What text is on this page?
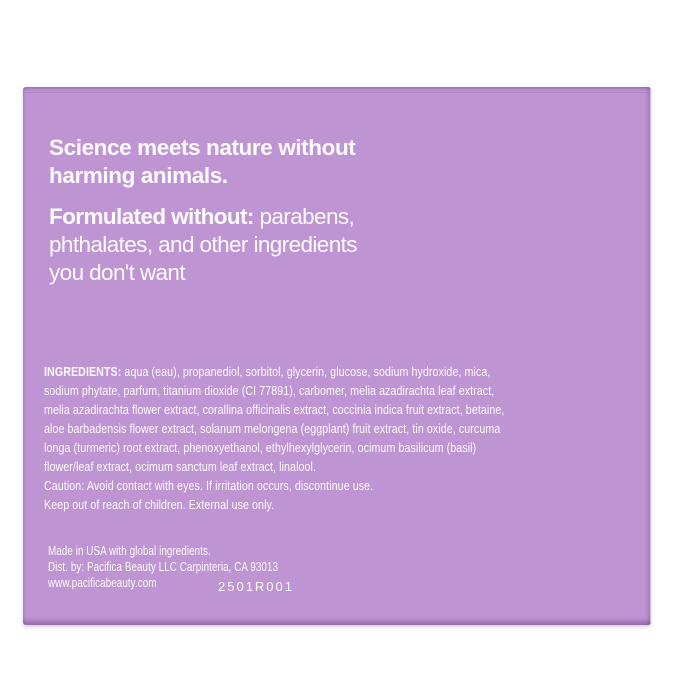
Science meets nature without
harming animals.
Formulated without: parabens,
phthalates, and other ingredients
you don't want
INGREDIENTS: aqua (eau), propanediol, sorbitol, glycerin, glucose, sodium hydroxide, mica,
sodium phytate, parfum, titanium dioxide (CI 77891), carbomer, melia azadirachta leaf extract,
melia azadirachta flower extract, corallina officinalis extract, coccinia indica fruit extract, betaine,
aloe barbadensis flower extract, solanum melongena (eggplant) fruit extract, tin oxide, curcuma
longa (turmeric) root extract, phenoxyethanol, ethylhexylglycerin, ocimum basilicum (basil)
flower/leaf extract, ocimum sanctum leaf extract, linalool.
Caution: Avoid contact with eyes. If irritation occurs, discontinue use.
Keep out of reach of children. External use only.
Made in USA with global ingredients.
Dist. by: Pacifica Beauty LLC Carpinteria, CA 93013
www.pacificabeauty.com	2501R001
